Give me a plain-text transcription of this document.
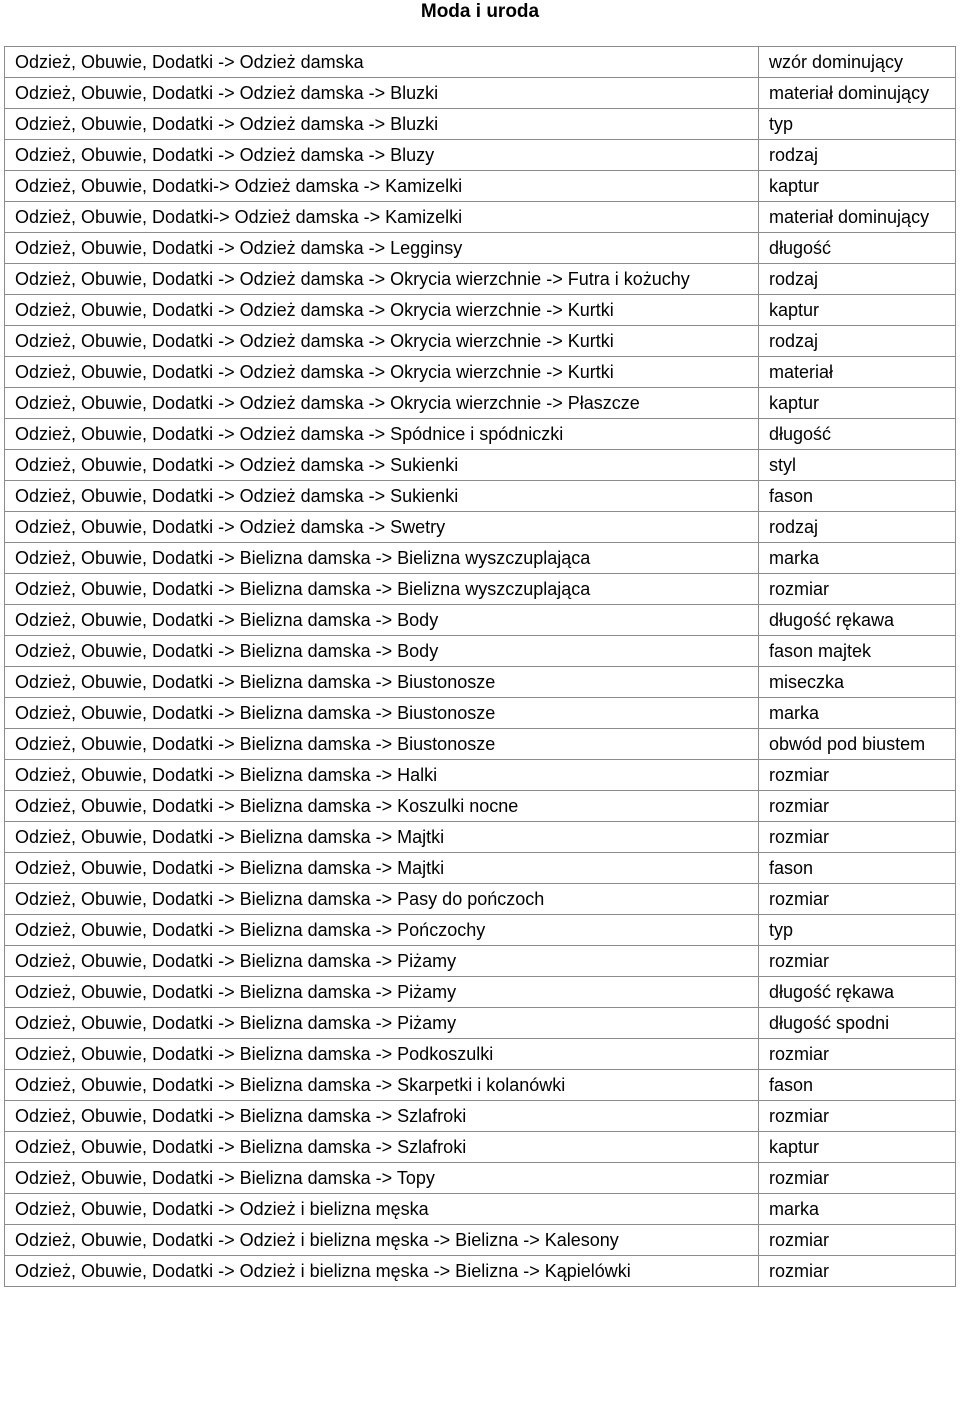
Moda i uroda
Odzież, Obuwie, Dodatki -> Odzież damska	wzór dominujący
Odzież, Obuwie, Dodatki -> Odzież damska -> Bluzki	materiał dominujący
Odzież, Obuwie, Dodatki -> Odzież damska -> Bluzki	typ
Odzież, Obuwie, Dodatki -> Odzież damska -> Bluzy	rodzaj
Odzież, Obuwie, Dodatki-> Odzież damska -> Kamizelki	kaptur
Odzież, Obuwie, Dodatki-> Odzież damska -> Kamizelki	materiał dominujący
Odzież, Obuwie, Dodatki -> Odzież damska -> Legginsy	długość
Odzież, Obuwie, Dodatki -> Odzież damska -> Okrycia wierzchnie -> Futra i kożuchy	rodzaj
Odzież, Obuwie, Dodatki -> Odzież damska -> Okrycia wierzchnie -> Kurtki	kaptur
Odzież, Obuwie, Dodatki -> Odzież damska -> Okrycia wierzchnie -> Kurtki	rodzaj
Odzież, Obuwie, Dodatki -> Odzież damska -> Okrycia wierzchnie -> Kurtki	materiał
Odzież, Obuwie, Dodatki -> Odzież damska -> Okrycia wierzchnie -> Płaszcze	kaptur
Odzież, Obuwie, Dodatki -> Odzież damska -> Spódnice i spódniczki	długość
Odzież, Obuwie, Dodatki -> Odzież damska -> Sukienki	styl
Odzież, Obuwie, Dodatki -> Odzież damska -> Sukienki	fason
Odzież, Obuwie, Dodatki -> Odzież damska -> Swetry	rodzaj
Odzież, Obuwie, Dodatki -> Bielizna damska -> Bielizna wyszczuplająca	marka
Odzież, Obuwie, Dodatki -> Bielizna damska -> Bielizna wyszczuplająca	rozmiar
Odzież, Obuwie, Dodatki -> Bielizna damska -> Body	długość rękawa
Odzież, Obuwie, Dodatki -> Bielizna damska -> Body	fason majtek
Odzież, Obuwie, Dodatki -> Bielizna damska -> Biustonosze	miseczka
Odzież, Obuwie, Dodatki -> Bielizna damska -> Biustonosze	marka
Odzież, Obuwie, Dodatki -> Bielizna damska -> Biustonosze	obwód pod biustem
Odzież, Obuwie, Dodatki -> Bielizna damska -> Halki	rozmiar
Odzież, Obuwie, Dodatki -> Bielizna damska -> Koszulki nocne	rozmiar
Odzież, Obuwie, Dodatki -> Bielizna damska -> Majtki	rozmiar
Odzież, Obuwie, Dodatki -> Bielizna damska -> Majtki	fason
Odzież, Obuwie, Dodatki -> Bielizna damska -> Pasy do pończoch	rozmiar
Odzież, Obuwie, Dodatki -> Bielizna damska -> Pończochy	typ
Odzież, Obuwie, Dodatki -> Bielizna damska -> Piżamy	rozmiar
Odzież, Obuwie, Dodatki -> Bielizna damska -> Piżamy	długość rękawa
Odzież, Obuwie, Dodatki -> Bielizna damska -> Piżamy	długość spodni
Odzież, Obuwie, Dodatki -> Bielizna damska -> Podkoszulki	rozmiar
Odzież, Obuwie, Dodatki -> Bielizna damska -> Skarpetki i kolanówki	fason
Odzież, Obuwie, Dodatki -> Bielizna damska -> Szlafroki	rozmiar
Odzież, Obuwie, Dodatki -> Bielizna damska -> Szlafroki	kaptur
Odzież, Obuwie, Dodatki -> Bielizna damska -> Topy	rozmiar
Odzież, Obuwie, Dodatki -> Odzież i bielizna męska	marka
Odzież, Obuwie, Dodatki -> Odzież i bielizna męska -> Bielizna -> Kalesony	rozmiar
Odzież, Obuwie, Dodatki -> Odzież i bielizna męska -> Bielizna -> Kąpielówki	rozmiar
